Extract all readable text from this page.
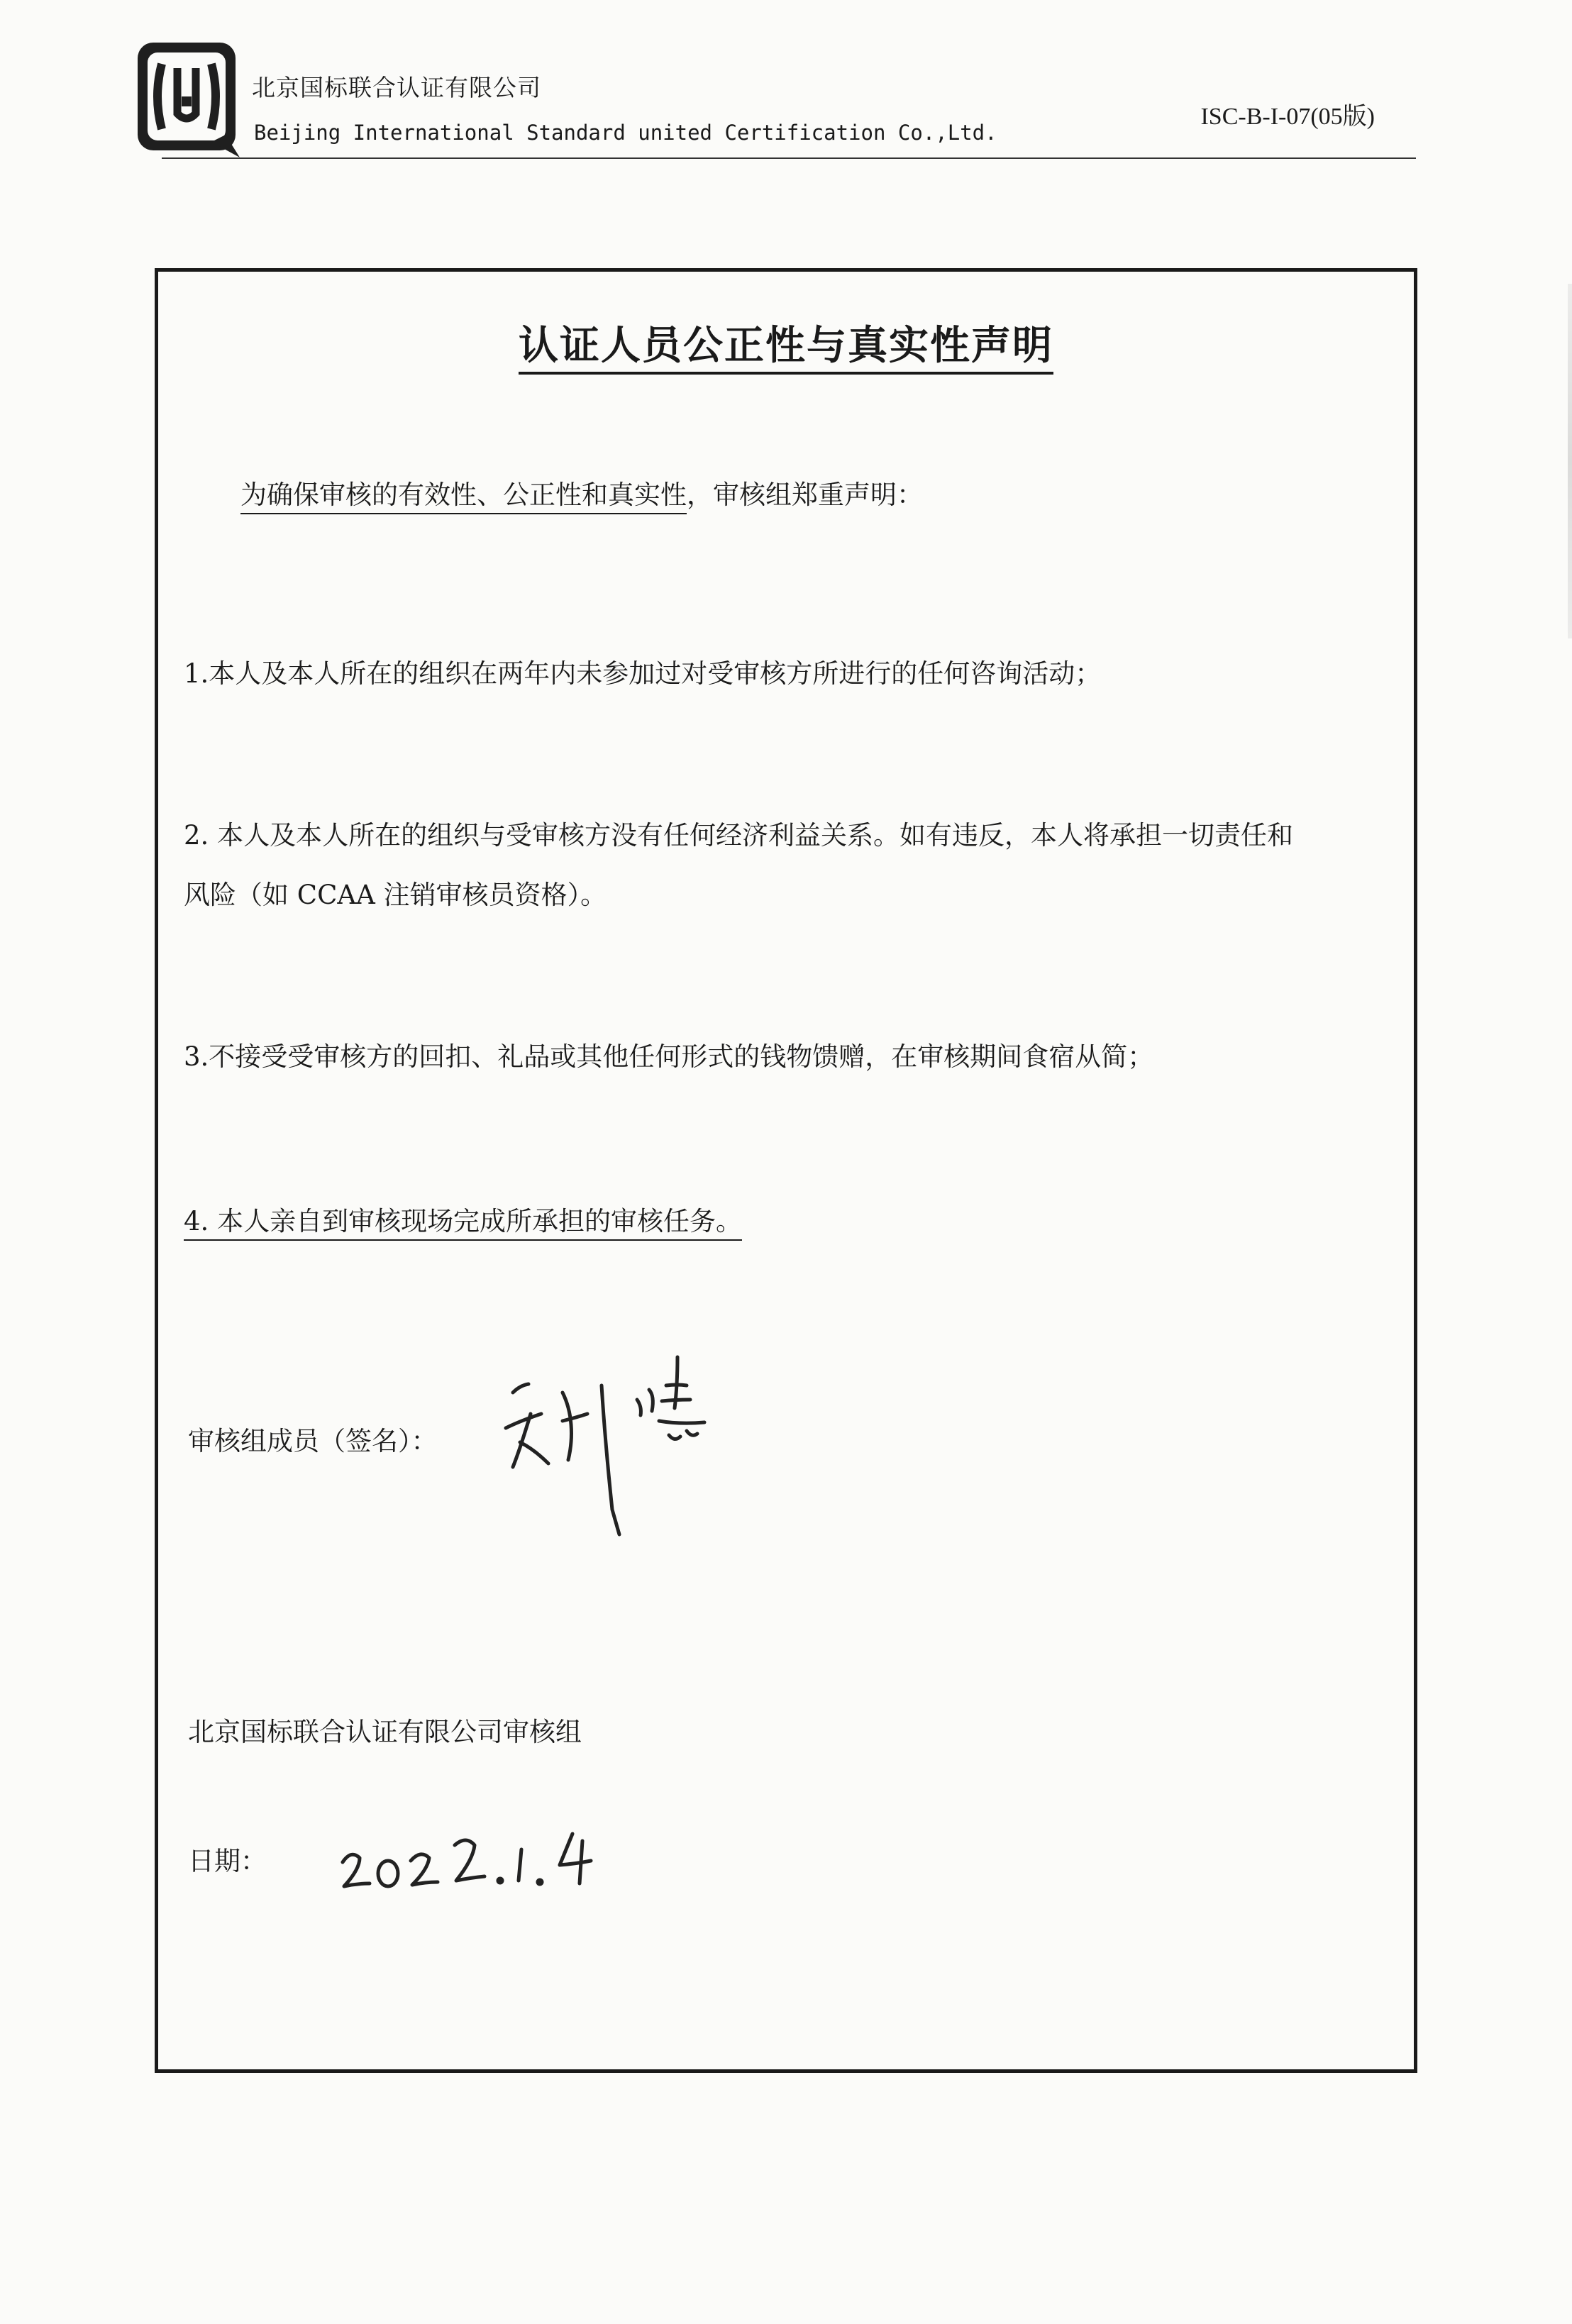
北京国标联合认证有限公司
Beijing International Standard united Certification Co.,Ltd.
ISC-B-I-07(05版)
认证人员公正性与真实性声明
为确保审核的有效性、公正性和真实性，审核组郑重声明：
1.本人及本人所在的组织在两年内未参加过对受审核方所进行的任何咨询活动；
2. 本人及本人所在的组织与受审核方没有任何经济利益关系。如有违反，本人将承担一切责任和
风险（如 CCAA 注销审核员资格）。
3.不接受受审核方的回扣、礼品或其他任何形式的钱物馈赠，在审核期间食宿从简；
4. 本人亲自到审核现场完成所承担的审核任务。
审核组成员（签名）：
北京国标联合认证有限公司审核组
日期：
